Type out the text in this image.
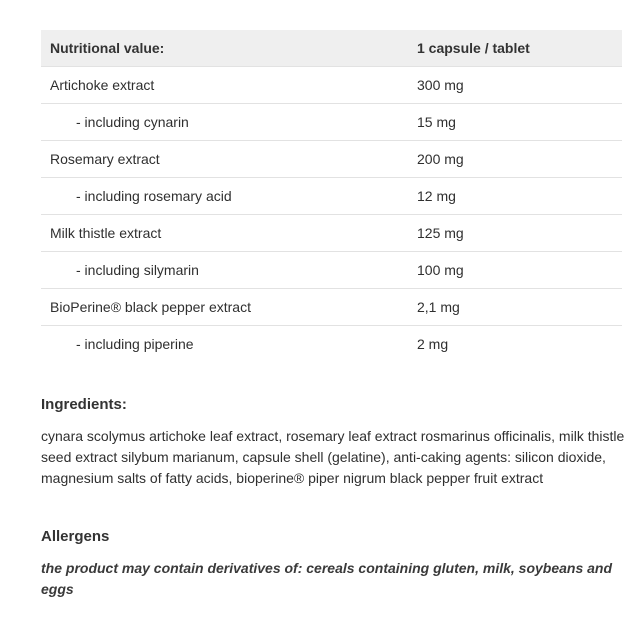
Nutritional value:	1 capsule / tablet
Artichoke extract	300 mg
- including cynarin	15 mg
Rosemary extract	200 mg
- including rosemary acid	12 mg
Milk thistle extract	125 mg
- including silymarin	100 mg
BioPerine® black pepper extract	2,1 mg
- including piperine	2 mg

Ingredients:

cynara scolymus artichoke leaf extract, rosemary leaf extract rosmarinus officinalis, milk thistle seed extract silybum marianum, capsule shell (gelatine), anti-caking agents: silicon dioxide, magnesium salts of fatty acids, bioperine® piper nigrum black pepper fruit extract

Allergens

the product may contain derivatives of: cereals containing gluten, milk, soybeans and eggs
